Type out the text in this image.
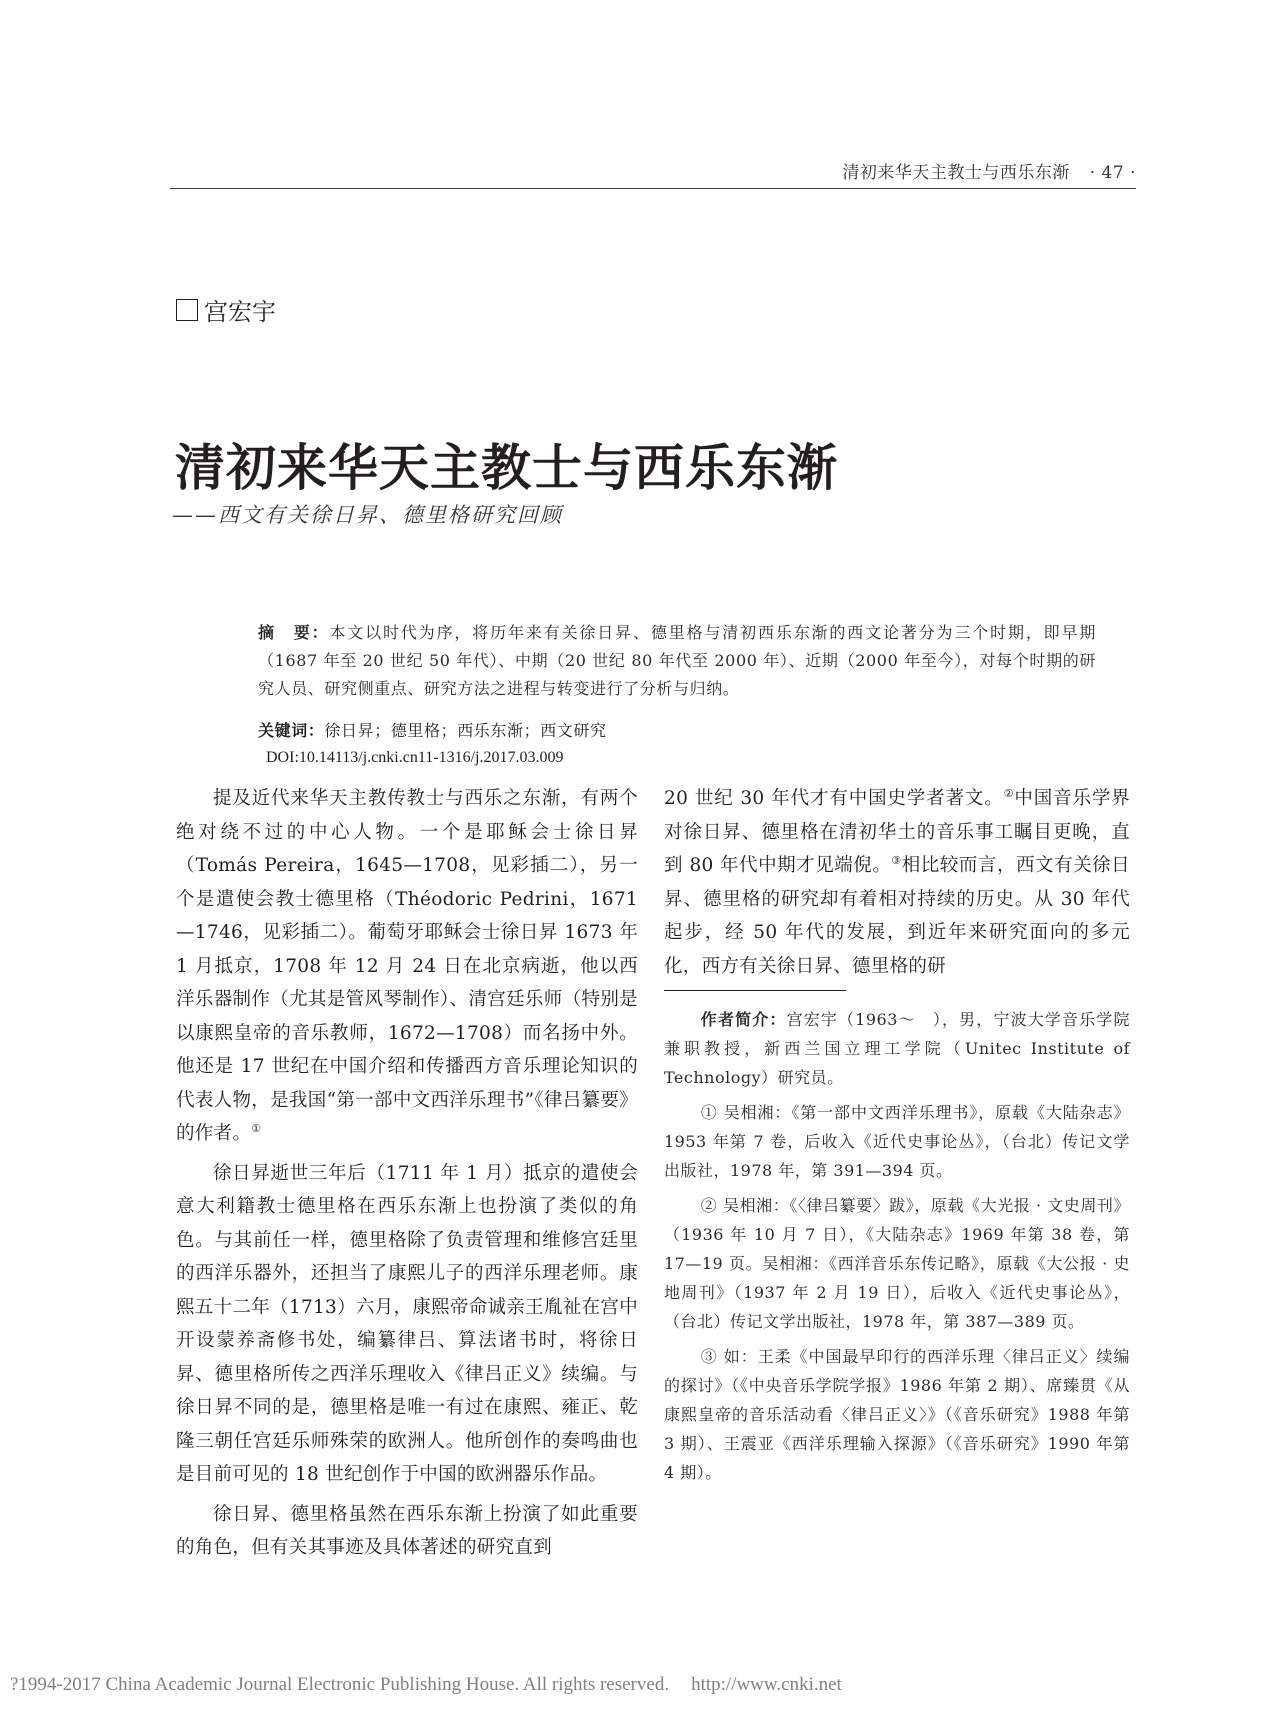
清初来华天主教士与西乐东渐 · 47 ·
宫宏宇
清初来华天主教士与西乐东渐
——西文有关徐日昇、德里格研究回顾
摘　要：本文以时代为序，将历年来有关徐日昇、德里格与清初西乐东渐的西文论著分为三个时期，即早期（1687 年至 20 世纪 50 年代）、中期（20 世纪 80 年代至 2000 年）、近期（2000 年至今），对每个时期的研究人员、研究侧重点、研究方法之进程与转变进行了分析与归纳。
关键词：徐日昇；德里格；西乐东渐；西文研究
DOI:10.14113/j.cnki.cn11-1316/j.2017.03.009

提及近代来华天主教传教士与西乐之东渐，有两个绝对绕不过的中心人物。一个是耶稣会士徐日昇（Tomás Pereira，1645—1708，见彩插二），另一个是遣使会教士德里格（Théodoric Pedrini，1671—1746，见彩插二）。葡萄牙耶稣会士徐日昇 1673 年 1 月抵京，1708 年 12 月 24 日在北京病逝，他以西洋乐器制作（尤其是管风琴制作）、清宫廷乐师（特别是以康熙皇帝的音乐教师，1672—1708）而名扬中外。他还是 17 世纪在中国介绍和传播西方音乐理论知识的代表人物，是我国“第一部中文西洋乐理书”《律吕纂要》的作者。①

徐日昇逝世三年后（1711 年 1 月）抵京的遣使会意大利籍教士德里格在西乐东渐上也扮演了类似的角色。与其前任一样，德里格除了负责管理和维修宫廷里的西洋乐器外，还担当了康熙儿子的西洋乐理老师。康熙五十二年（1713）六月，康熙帝命诚亲王胤祉在宫中开设蒙养斋修书处，编纂律吕、算法诸书时，将徐日昇、德里格所传之西洋乐理收入《律吕正义》续编。与徐日昇不同的是，德里格是唯一有过在康熙、雍正、乾隆三朝任宫廷乐师殊荣的欧洲人。他所创作的奏鸣曲也是目前可见的 18 世纪创作于中国的欧洲器乐作品。

徐日昇、德里格虽然在西乐东渐上扮演了如此重要的角色，但有关其事迹及具体著述的研究直到

20 世纪 30 年代才有中国史学者著文。②中国音乐学界对徐日昇、德里格在清初华土的音乐事工瞩目更晚，直到 80 年代中期才见端倪。③相比较而言，西文有关徐日昇、德里格的研究却有着相对持续的历史。从 30 年代起步，经 50 年代的发展，到近年来研究面向的多元化，西方有关徐日昇、德里格的研

作者简介：宫宏宇（1963～　），男，宁波大学音乐学院兼职教授，新西兰国立理工学院（Unitec Institute of Technology）研究员。

① 吴相湘：《第一部中文西洋乐理书》，原载《大陆杂志》1953 年第 7 卷，后收入《近代史事论丛》，（台北）传记文学出版社，1978 年，第 391—394 页。

② 吴相湘：《〈律吕纂要〉跋》，原载《大光报 · 文史周刊》（1936 年 10 月 7 日），《大陆杂志》1969 年第 38 卷，第 17—19 页。吴相湘：《西洋音乐东传记略》，原载《大公报 · 史地周刊》（1937 年 2 月 19 日），后收入《近代史事论丛》，（台北）传记文学出版社，1978 年，第 387—389 页。

③ 如：王柔《中国最早印行的西洋乐理〈律吕正义〉续编的探讨》（《中央音乐学院学报》1986 年第 2 期）、席臻贯《从康熙皇帝的音乐活动看〈律吕正义〉》（《音乐研究》1988 年第 3 期）、王震亚《西洋乐理输入探源》（《音乐研究》1990 年第 4 期）。

?1994-2017 China Academic Journal Electronic Publishing House. All rights reserved. http://www.cnki.net
